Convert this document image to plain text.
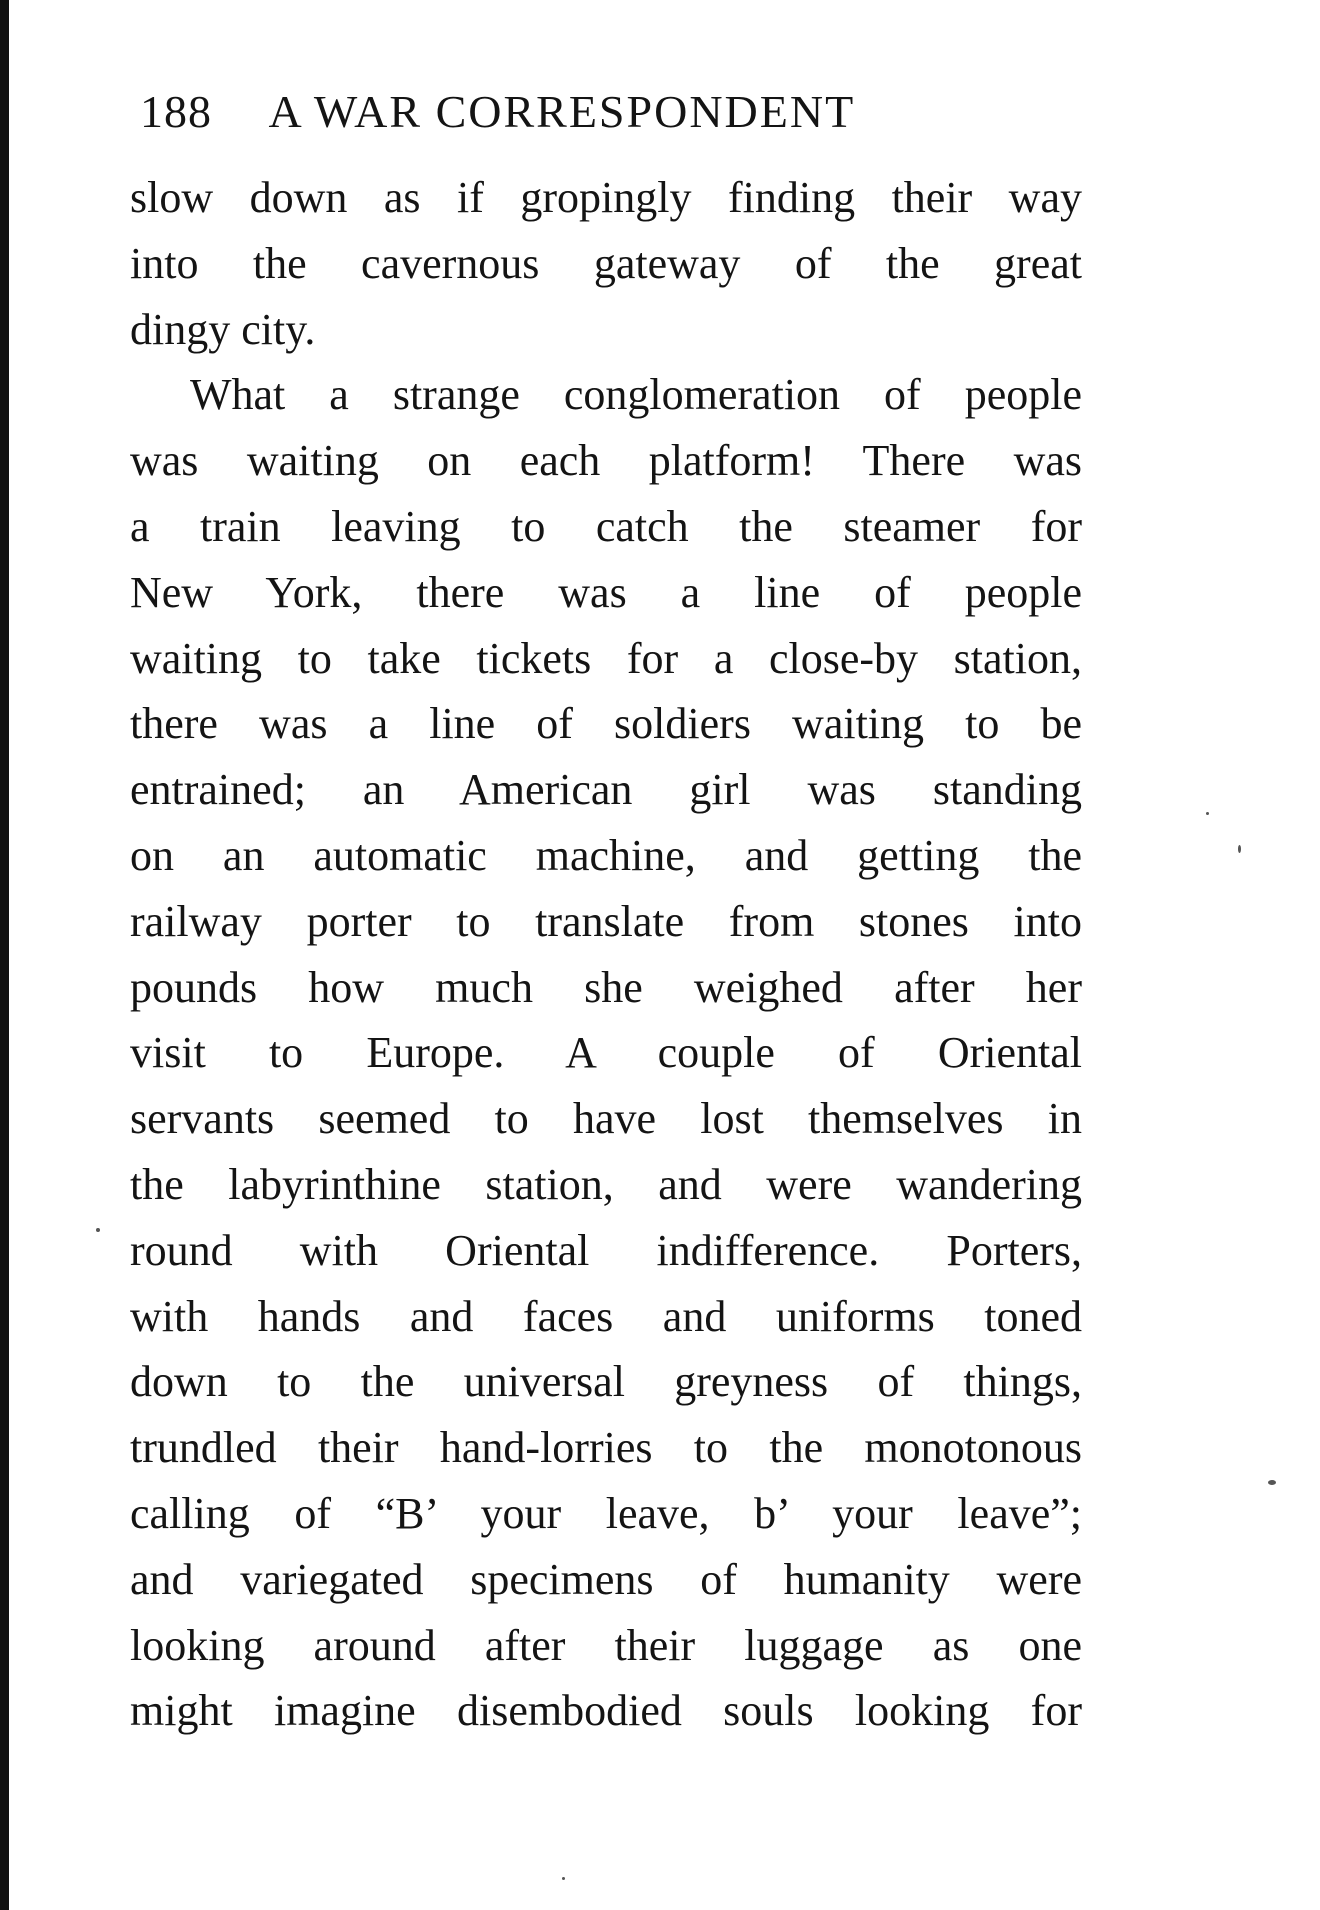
188 A WAR CORRESPONDENT
slow down as if gropingly finding their way
into the cavernous gateway of the great
dingy city.
What a strange conglomeration of people
was waiting on each platform! There was
a train leaving to catch the steamer for
New York, there was a line of people
waiting to take tickets for a close-by station,
there was a line of soldiers waiting to be
entrained; an American girl was standing
on an automatic machine, and getting the
railway porter to translate from stones into
pounds how much she weighed after her
visit to Europe. A couple of Oriental
servants seemed to have lost themselves in
the labyrinthine station, and were wandering
round with Oriental indifference. Porters,
with hands and faces and uniforms toned
down to the universal greyness of things,
trundled their hand-lorries to the monotonous
calling of “B’ your leave, b’ your leave”;
and variegated specimens of humanity were
looking around after their luggage as one
might imagine disembodied souls looking for
